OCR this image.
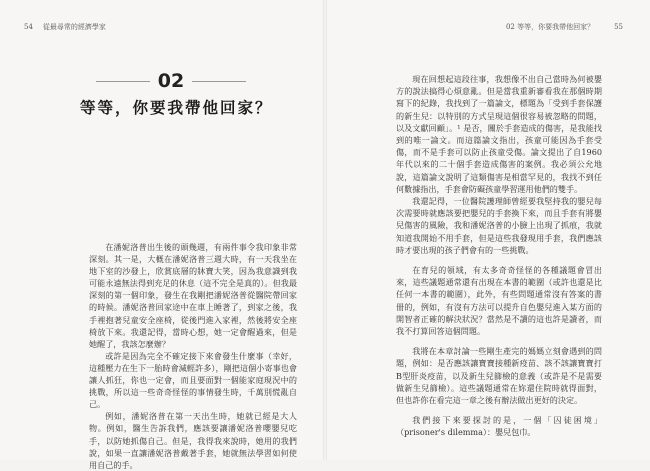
54 從最尋常的經濟學家
02
等等，你要我帶他回家？

在潘妮洛普出生後的頭幾週，有兩件事令我印象非常深刻。其一是，大概在潘妮洛普三週大時，有一天我坐在地下室的沙發上，欣賞底層的牀寶大笑，因為我意識到我可能永遠無法得到充足的休息（這不完全是真的）。但我最深刻的第一個印象，發生在我剛把潘妮洛普從醫院帶回家的時候。潘妮洛普回家途中在車上睡著了，到家之後，我手裡抱著兒童安全座椅，從後門進入家裡，然後將安全座椅放下來。我還記得，當時心想，她一定會醒過來，但是她醒了，我該怎麼辦？

或許是因為完全不確定接下來會發生什麼事（幸好，這種壓力在生下一胎時會減輕許多），剛把這個小寄事也會讓人抓狂，你也一定會，而且要面對一個能家庭現況中的挑戰，所以這一些奇奇怪怪的事情發生時，千萬別慌亂自己。

例如，潘妮洛普在第一天出生時，她就已經是大人物。例如，醫生告訴我們，應該要讓潘妮洛普嚶嬰兒吃手，以防她抓傷自己。但是，我得我來說時，她用的我們說，如果一直讓潘妮洛普戴著手套，她就無法學習如何使用自己的手。

02 等等，你要我帶他回家？	55

現在回想起這段往事，我想像不出自己當時為何被嬰方的說法搞得心煩意亂。但是當我重新審看我在那個時期寫下的紀錄，我找到了一篇論文，標題為「受到手套保護的新生兒：以特別的方式呈現這個很容易被忽略的問題，以及文獻回顧」。¹ 是否，關於手套造成的傷害，是我能找到的唯一論文。而這篇論文指出，孩童可能因為手套受傷，而不是手套可以防止孩童受傷。論文提出了自1960年代以來的二十個手套造成傷害的案例。我必須公允地說，這篇論文說明了這類傷害是相當罕見的，我找不到任何數據指出，手套會防礙孩童學習運用他們的雙手。

我還記得，一位醫院護理師曾經要我堅持我的嬰兒每次需要時就應該要把嬰兒的手套換下來，而且手套有將嬰兒傷害的風險，我和潘妮洛普的小臉上出現了抓痕，我就知道我開始不用手套，但是這些我發現用手套，我們應該時才要出現的孩子們會有的一些挑戰。

在育兒的領域，有太多奇奇怪怪的各種議題會冒出來，這些議題通常還有出現在本書的範圍（或許也還是比任何一本書的範圍），此外，有些問題通常沒有答案的書冊的，例如，有沒有方法可以提升自色嬰兒進入某方面的開智者正確的解決狀況？當然是不讀的這也許是讀者，而我不打算回答這個問題。

我將在本章討論一些剛生產完的媽媽立刻會遇到的問題，例如：是否應該讓寶寶接種新疫苗、該不該讓寶寶打B型肝炎疫苗，以及新生兒篩檢的意義（或許是不是需要做新生兒篩檢）。這些議題通常在妳還住院時就得面對，但也許你在看完這一章之後有辦法做出更好的決定。

我們接下來要探討的是，一個「囚徒困境」（prisoner's dilemma）：嬰兒包巾。
